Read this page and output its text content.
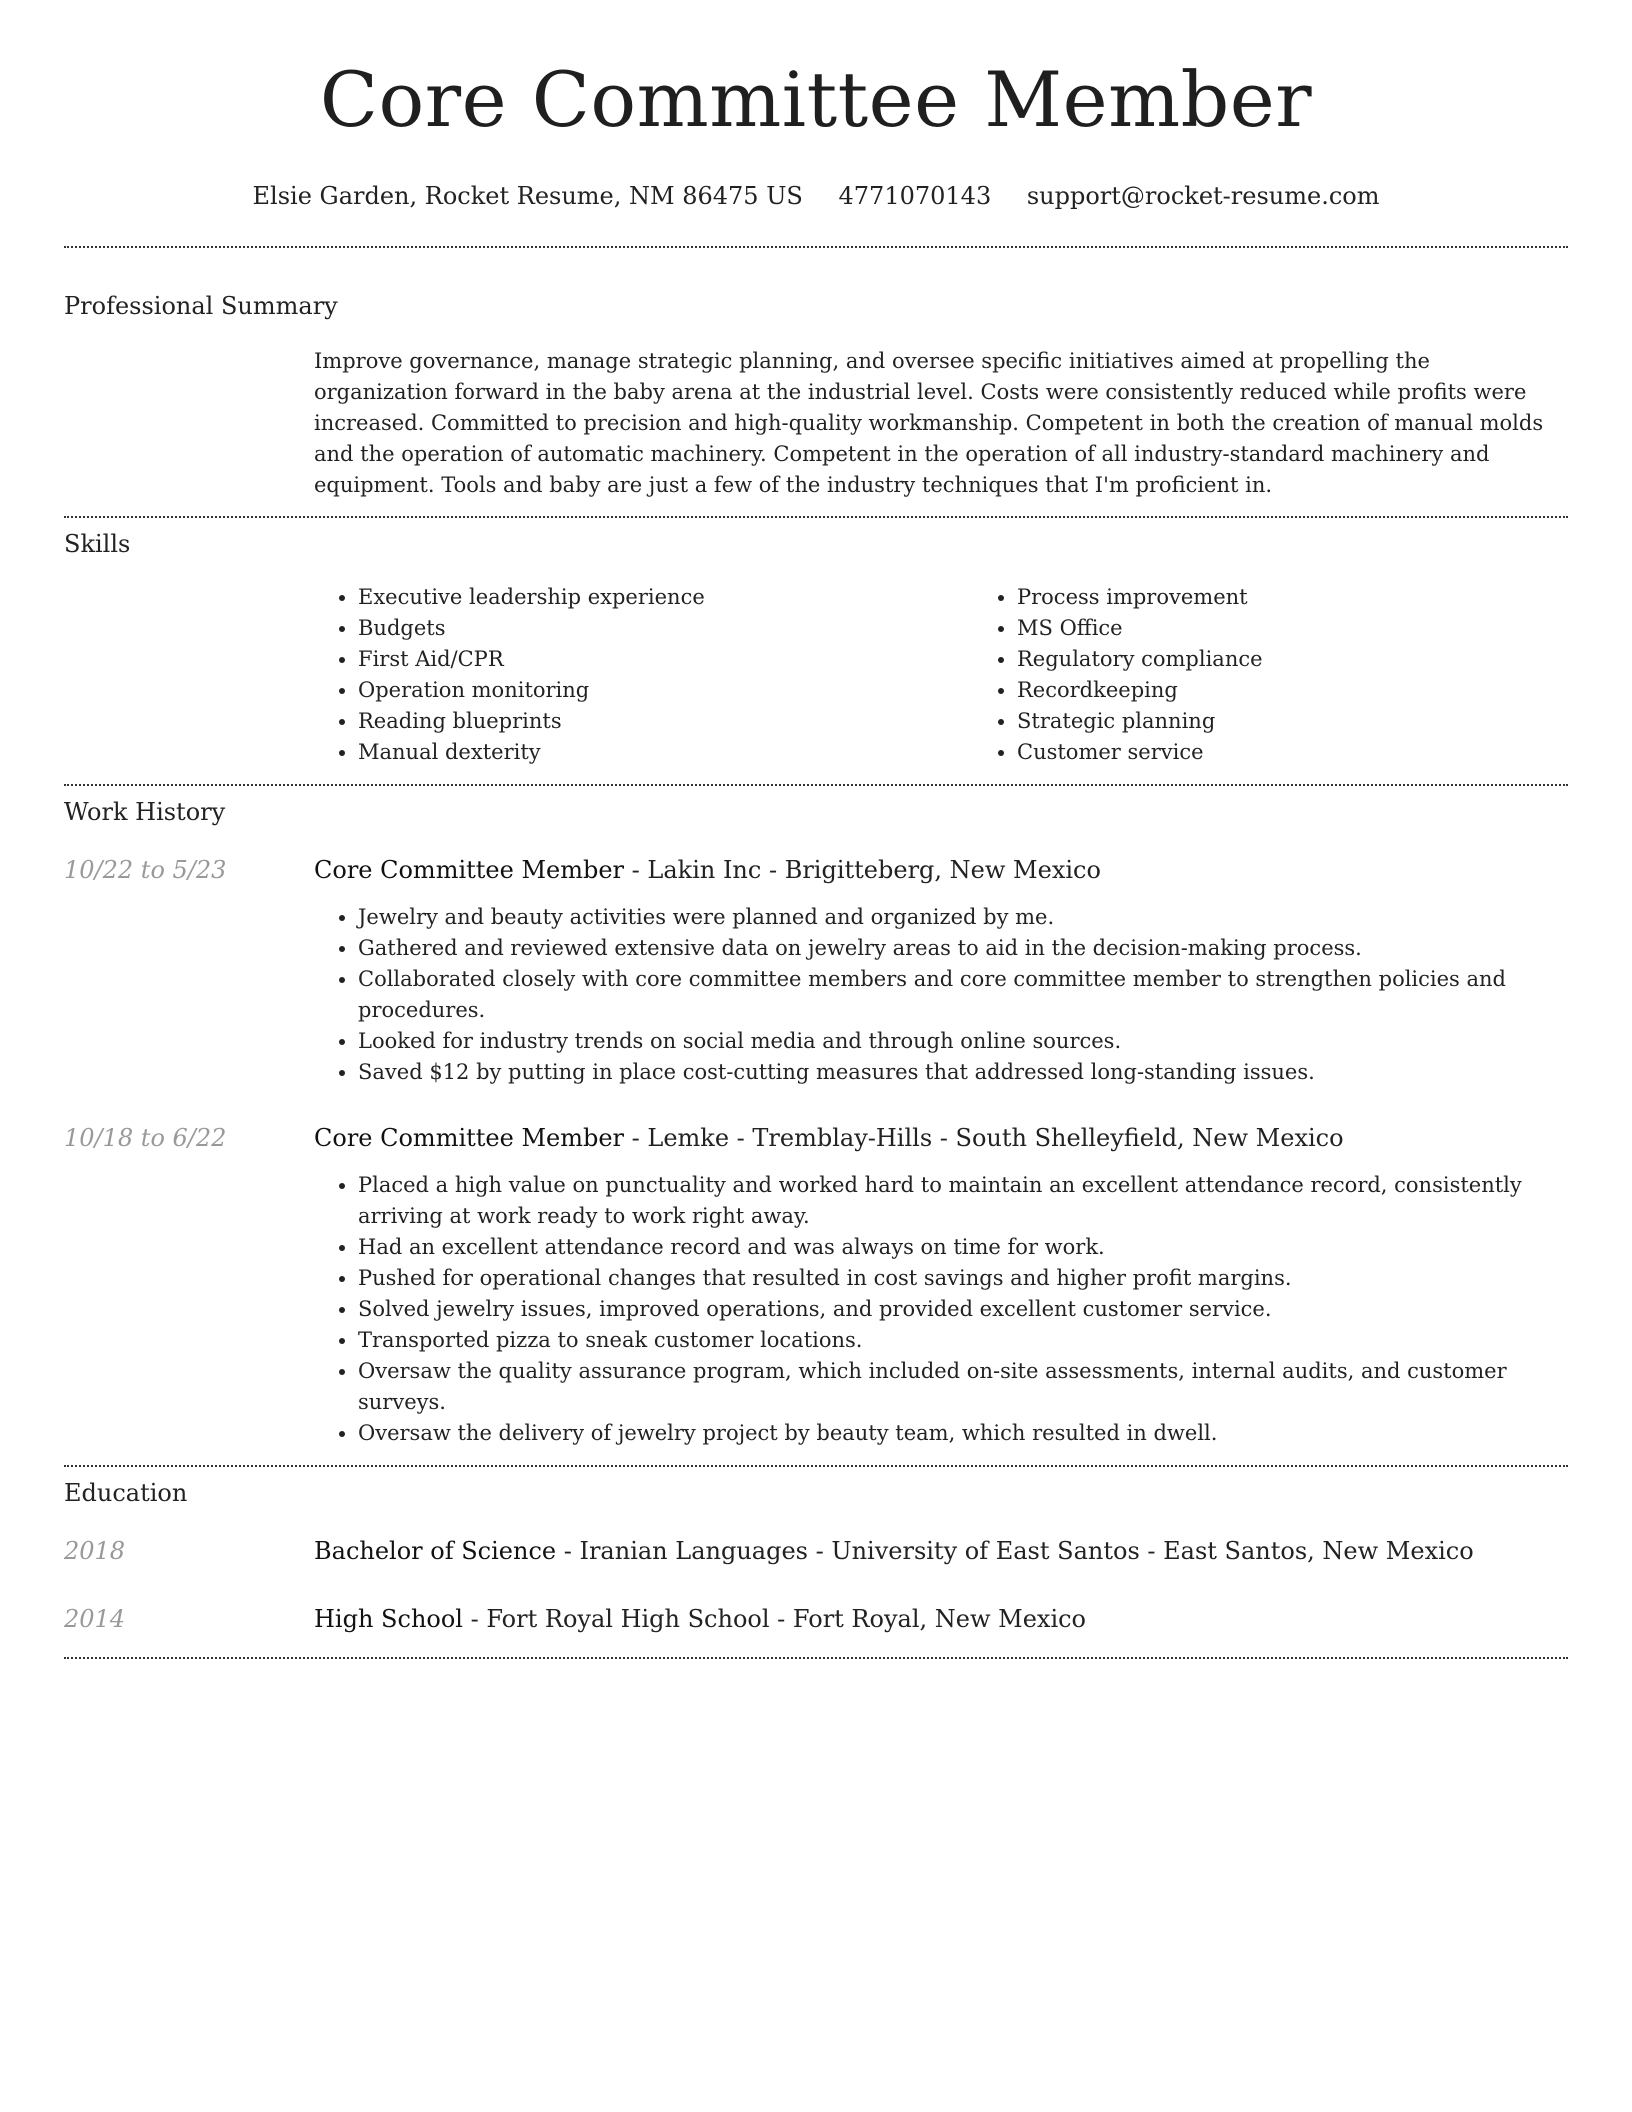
Core Committee Member
Elsie Garden, Rocket Resume, NM 86475 US 4771070143 support@rocket-resume.com
Professional Summary
Improve governance, manage strategic planning, and oversee specific initiatives aimed at propelling the organization forward in the baby arena at the industrial level. Costs were consistently reduced while profits were increased. Committed to precision and high-quality workmanship. Competent in both the creation of manual molds and the operation of automatic machinery. Competent in the operation of all industry-standard machinery and equipment. Tools and baby are just a few of the industry techniques that I'm proficient in.
Skills
• Executive leadership experience
• Budgets
• First Aid/CPR
• Operation monitoring
• Reading blueprints
• Manual dexterity
• Process improvement
• MS Office
• Regulatory compliance
• Recordkeeping
• Strategic planning
• Customer service
Work History
10/22 to 5/23	Core Committee Member - Lakin Inc - Brigitteberg, New Mexico
• Jewelry and beauty activities were planned and organized by me.
• Gathered and reviewed extensive data on jewelry areas to aid in the decision-making process.
• Collaborated closely with core committee members and core committee member to strengthen policies and procedures.
• Looked for industry trends on social media and through online sources.
• Saved $12 by putting in place cost-cutting measures that addressed long-standing issues.
10/18 to 6/22	Core Committee Member - Lemke - Tremblay-Hills - South Shelleyfield, New Mexico
• Placed a high value on punctuality and worked hard to maintain an excellent attendance record, consistently arriving at work ready to work right away.
• Had an excellent attendance record and was always on time for work.
• Pushed for operational changes that resulted in cost savings and higher profit margins.
• Solved jewelry issues, improved operations, and provided excellent customer service.
• Transported pizza to sneak customer locations.
• Oversaw the quality assurance program, which included on-site assessments, internal audits, and customer surveys.
• Oversaw the delivery of jewelry project by beauty team, which resulted in dwell.
Education
2018	Bachelor of Science - Iranian Languages - University of East Santos - East Santos, New Mexico
2014	High School - Fort Royal High School - Fort Royal, New Mexico
